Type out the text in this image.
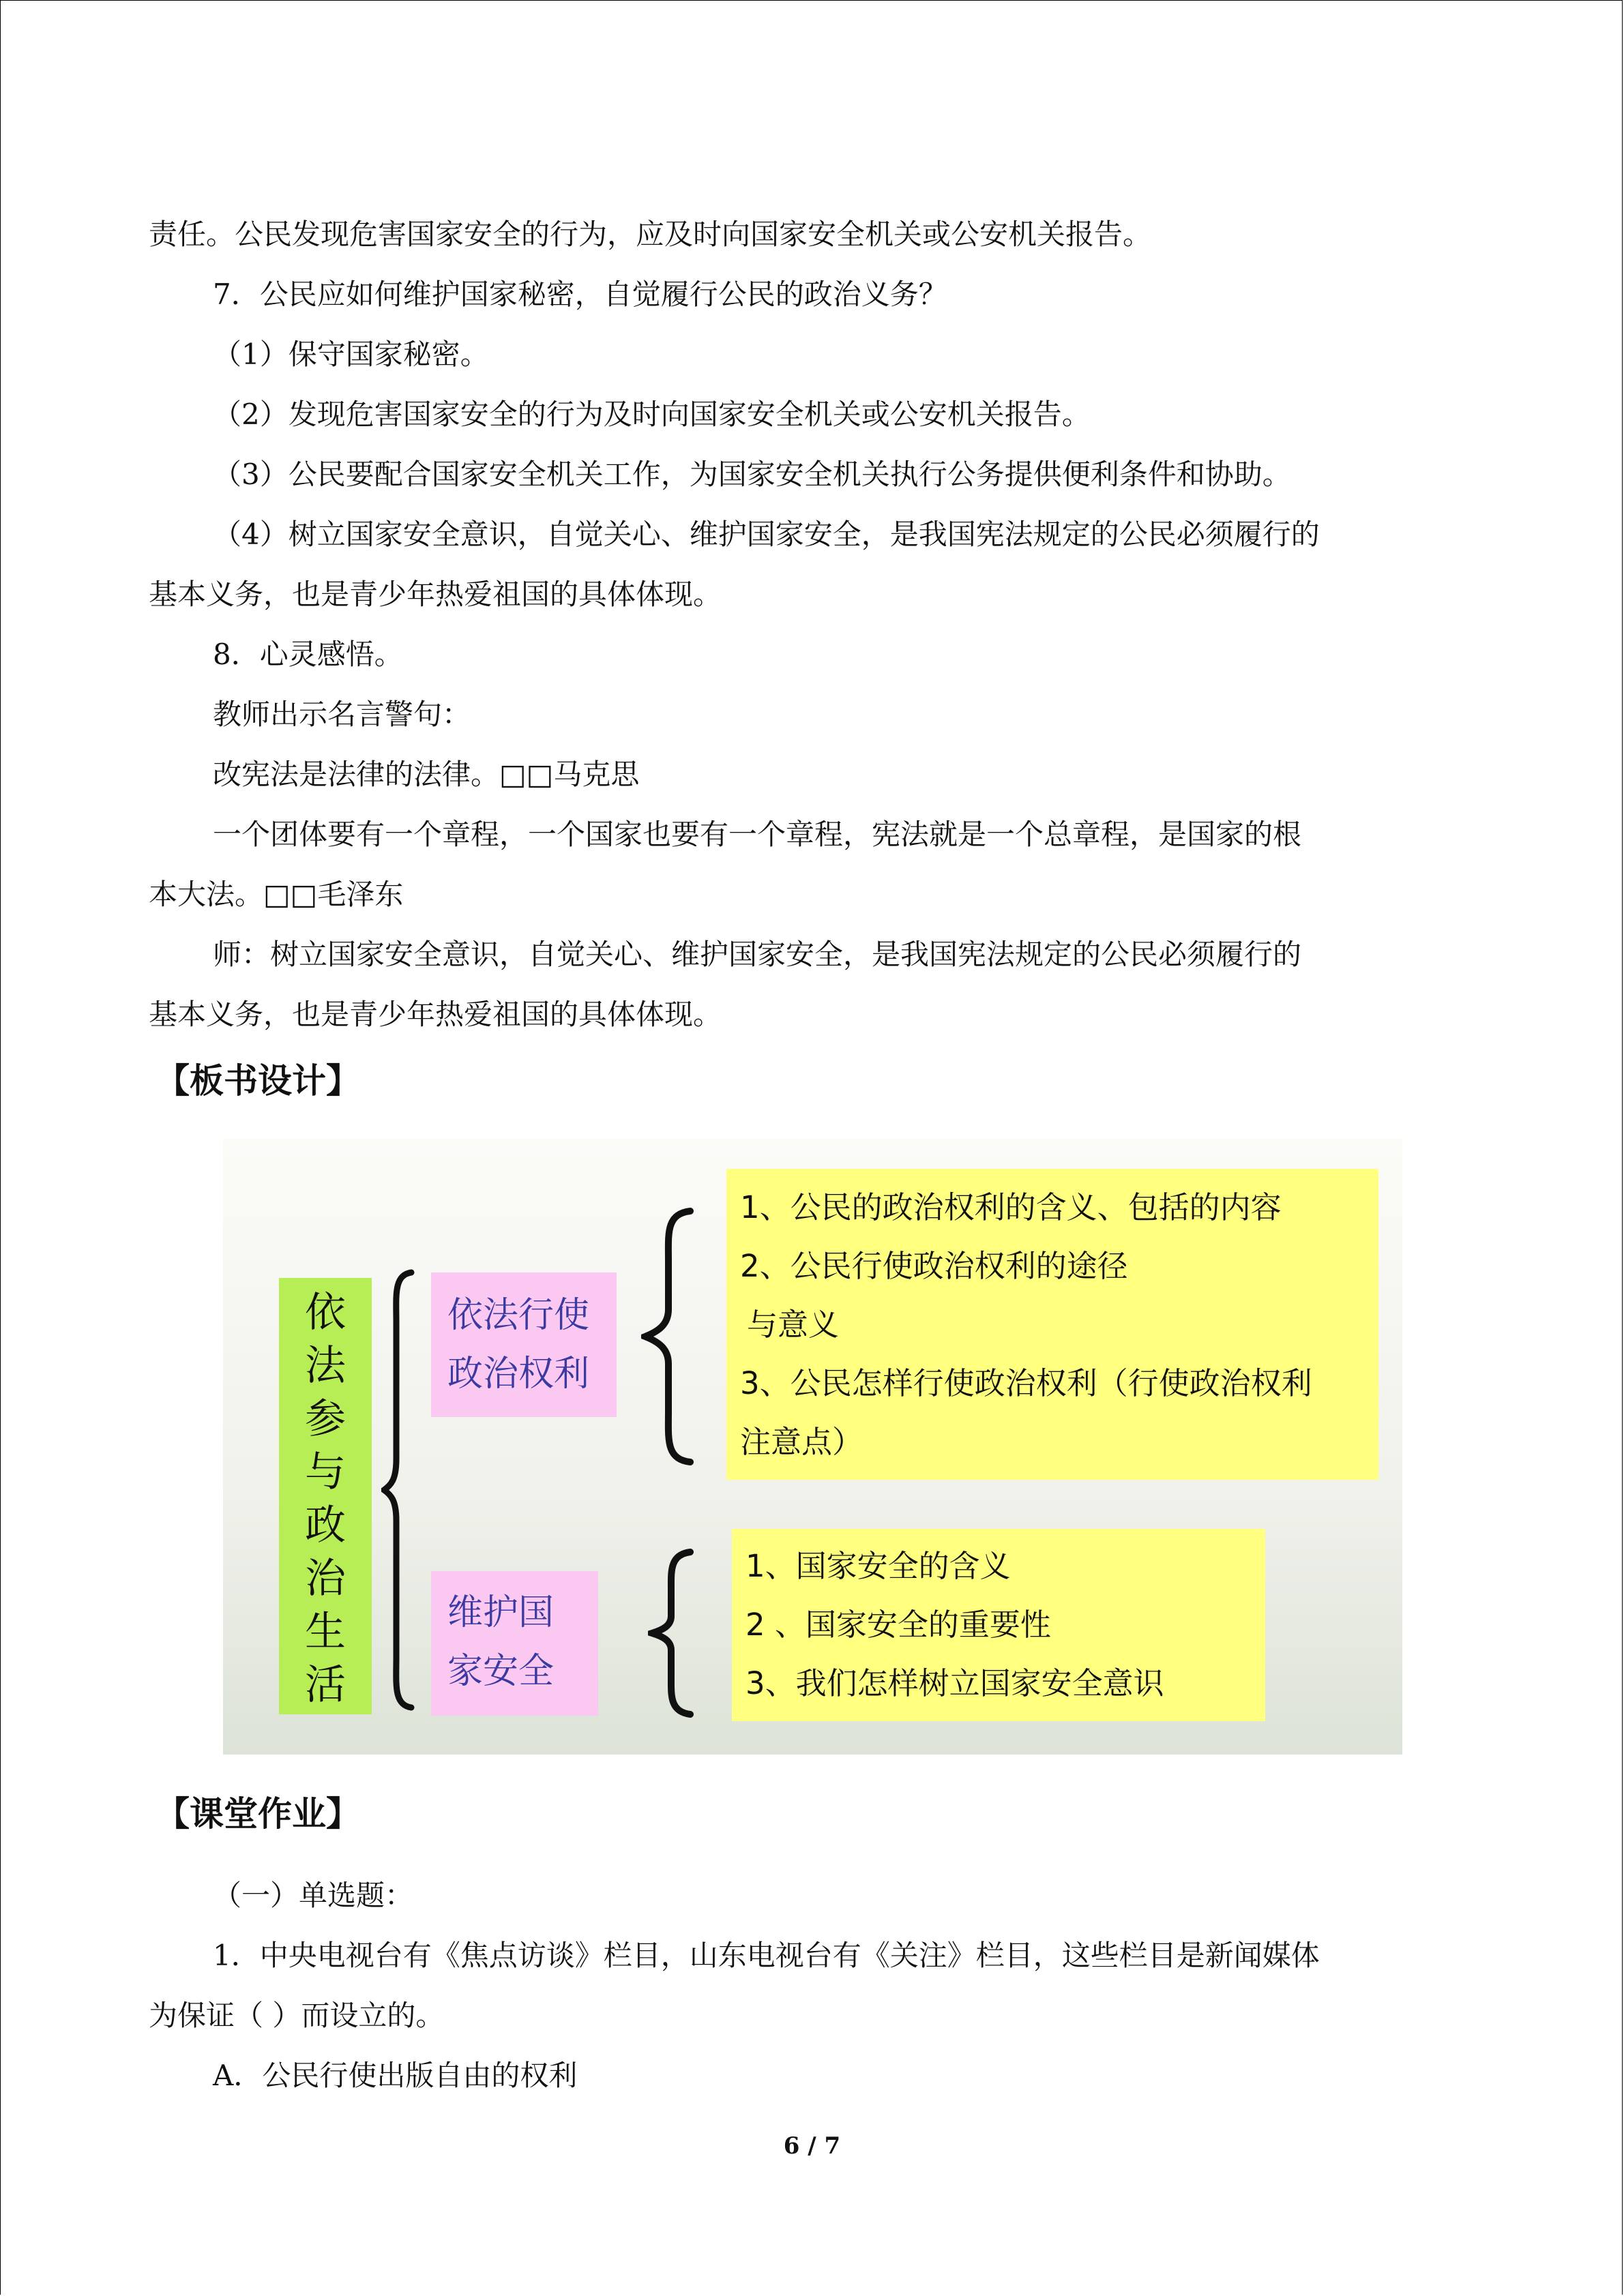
责任。公民发现危害国家安全的行为，应及时向国家安全机关或公安机关报告。
7．公民应如何维护国家秘密，自觉履行公民的政治义务？
（1）保守国家秘密。
（2）发现危害国家安全的行为及时向国家安全机关或公安机关报告。
（3）公民要配合国家安全机关工作，为国家安全机关执行公务提供便利条件和协助。
（4）树立国家安全意识，自觉关心、维护国家安全，是我国宪法规定的公民必须履行的
基本义务，也是青少年热爱祖国的具体体现。
8．心灵感悟。
教师出示名言警句：
改宪法是法律的法律。□□马克思
一个团体要有一个章程，一个国家也要有一个章程，宪法就是一个总章程，是国家的根
本大法。□□毛泽东
师：树立国家安全意识，自觉关心、维护国家安全，是我国宪法规定的公民必须履行的
基本义务，也是青少年热爱祖国的具体体现。
【板书设计】
依
法
参
与
政
治
生
活
依法行使
政治权利
1、公民的政治权利的含义、包括的内容
2、公民行使政治权利的途径
与意义
3、公民怎样行使政治权利（行使政治权利
注意点）
维护国
家安全
1、国家安全的含义
2 、国家安全的重要性
3、我们怎样树立国家安全意识
【课堂作业】
（一）单选题：
1．中央电视台有《焦点访谈》栏目，山东电视台有《关注》栏目，这些栏目是新闻媒体
为保证（ ）而设立的。
A．公民行使出版自由的权利
6 / 7
